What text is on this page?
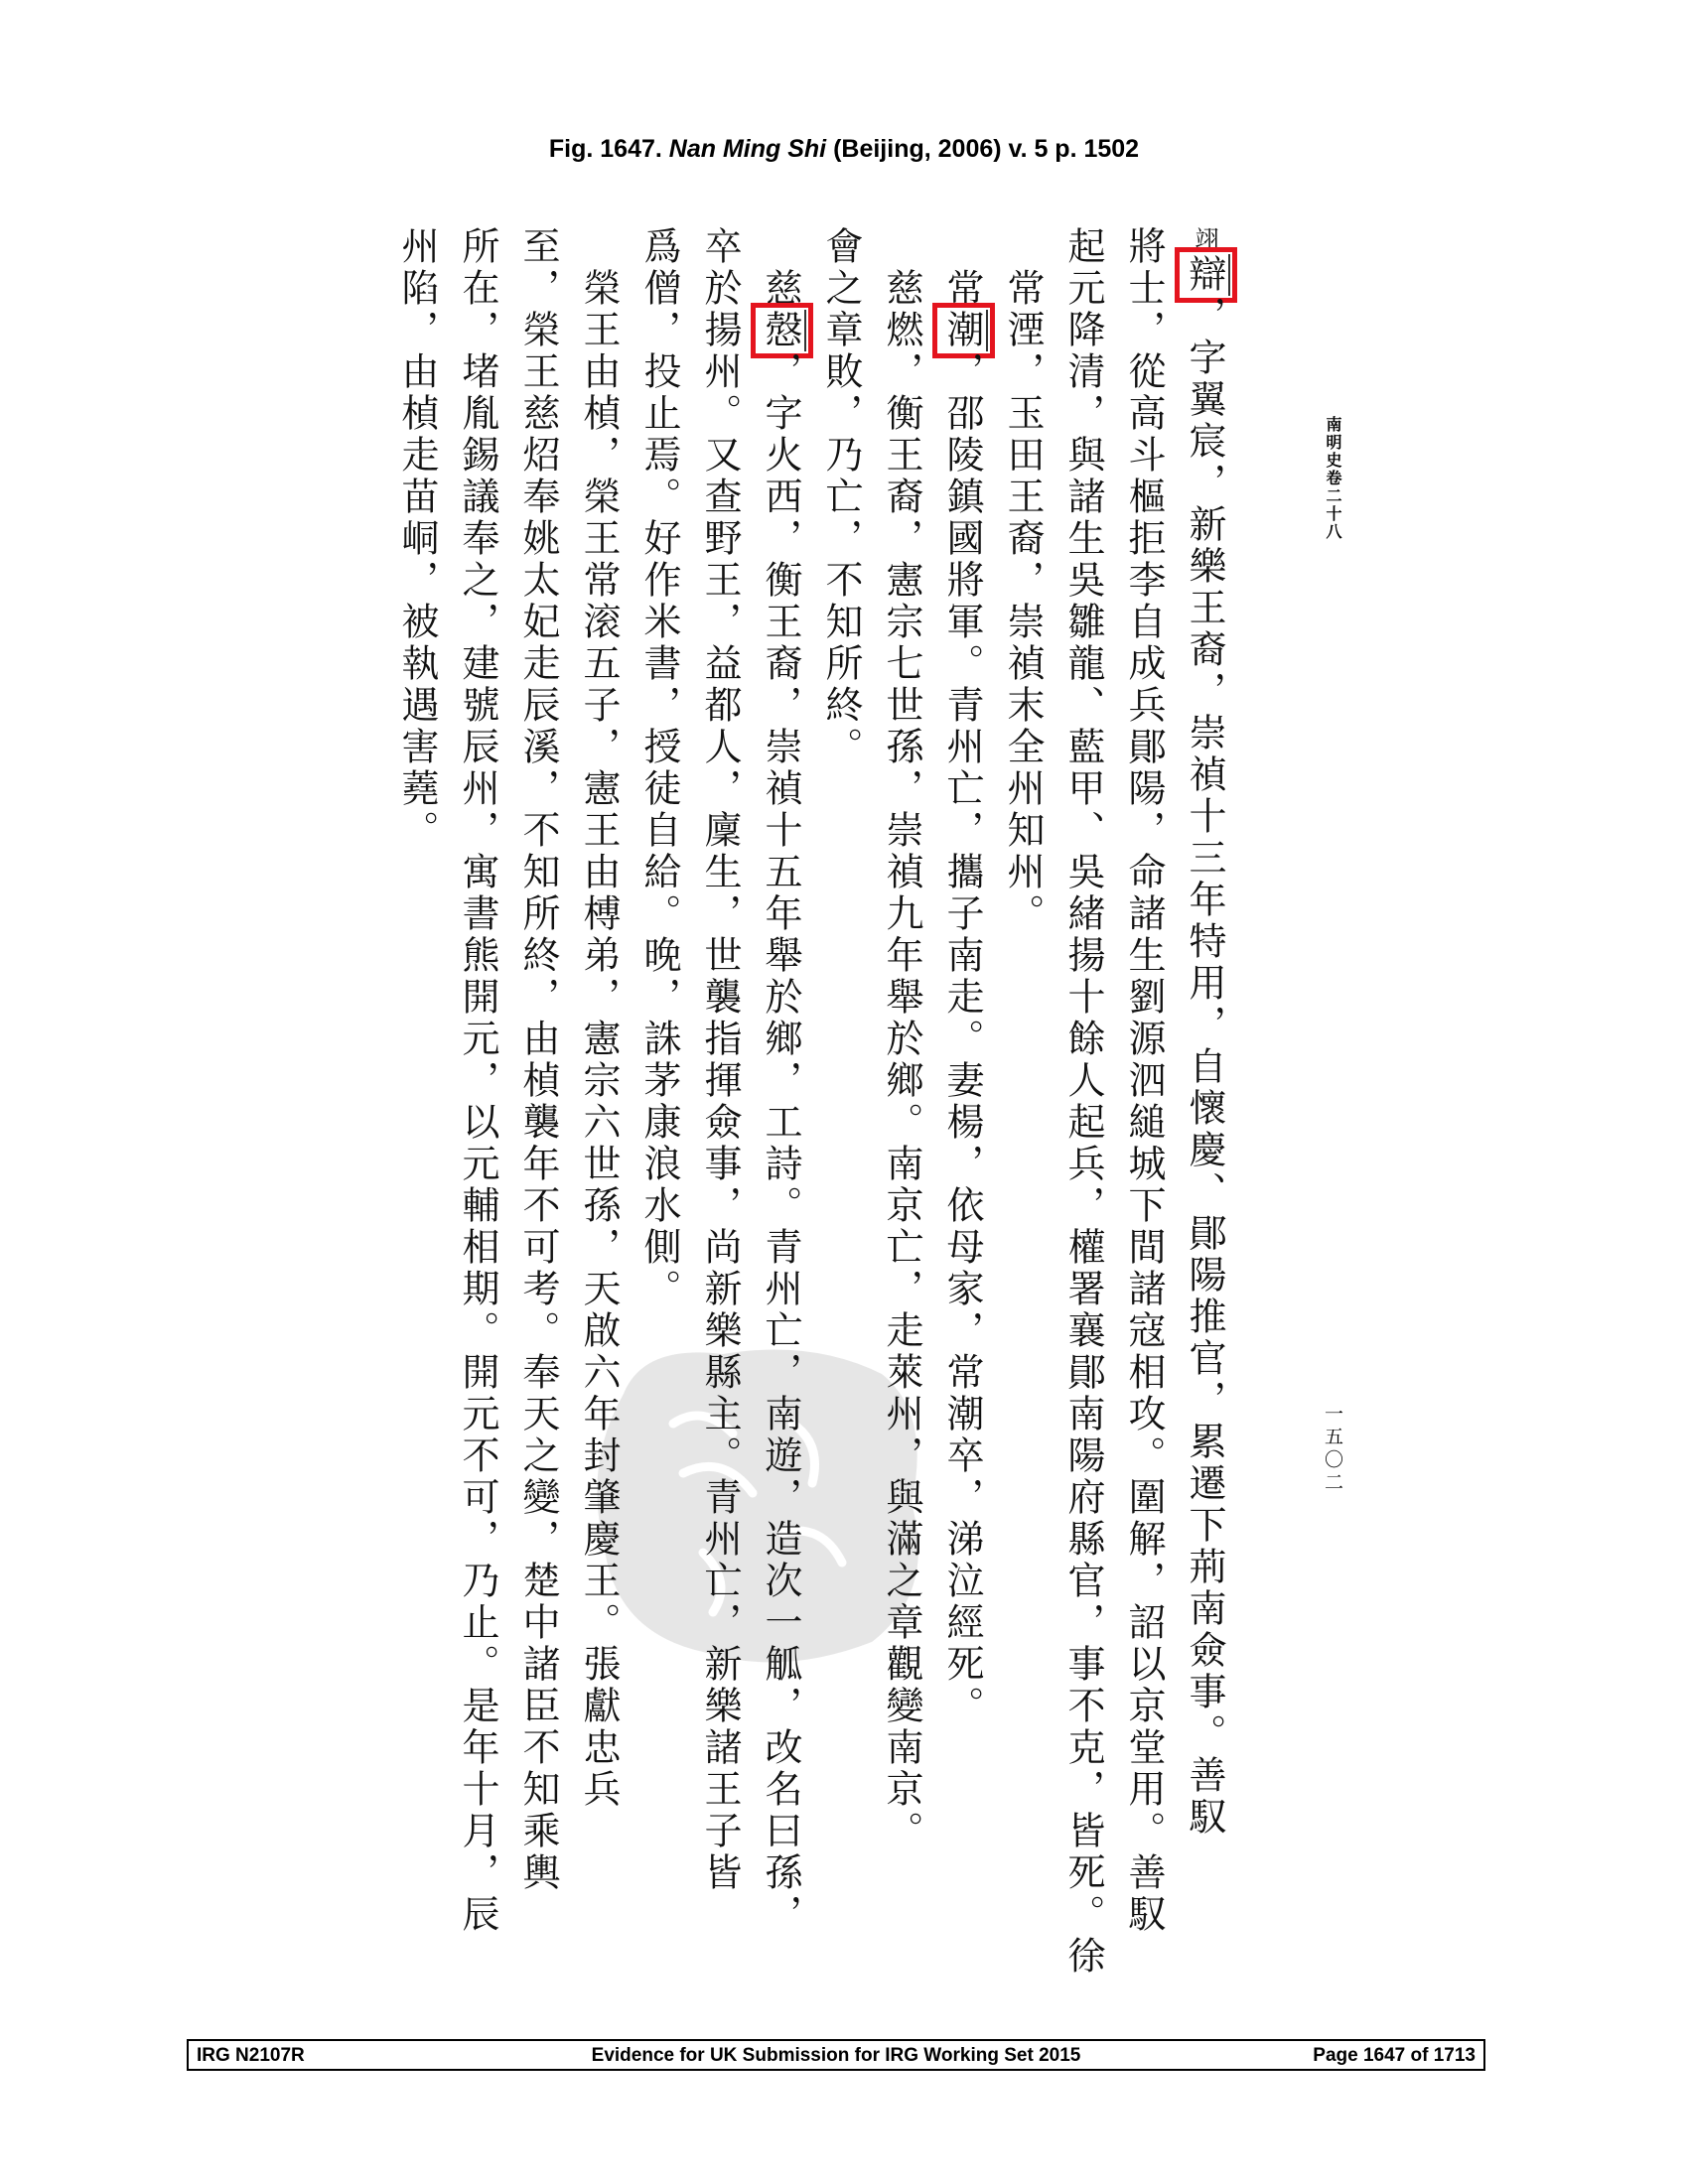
Fig. 1647. Nan Ming Shi (Beijing, 2006) v. 5 p. 1502
南明史卷二十八
一五〇二
翊辯，字翼宸，新樂王裔，崇禎十三年特用，自懷慶、鄖陽推官，累遷下荊南僉事。善馭
將士，從高斗樞拒李自成兵鄖陽，命諸生劉源泗縋城下間諸寇相攻。圍解，詔以京堂用。善馭
起元降清，與諸生吳雛龍、藍甲、吳緒揚十餘人起兵，權署襄鄖南陽府縣官，事不克，皆死。徐
　常湮，玉田王裔，崇禎末全州知州。
　常潮，邵陵鎮國將軍。青州亡，攜子南走。妻楊，依母家，常潮卒，涕泣經死。
　慈燃，衡王裔，憲宗七世孫，崇禎九年舉於鄉。南京亡，走萊州，與滿之章觀變南京。
會之章敗，乃亡，不知所終。
　慈慤，字火西，衡王裔，崇禎十五年舉於鄉，工詩。青州亡，南遊，造次一觚，改名曰孫，
卒於揚州。又查野王，益都人，廩生，世襲指揮僉事，尚新樂縣主。青州亡，新樂諸王子皆
爲僧，投止焉。好作米書，授徒自給。晚，誅茅康浪水側。
　榮王由楨，榮王常滚五子，憲王由榑弟，憲宗六世孫，天啟六年封肇慶王。張獻忠兵
至，榮王慈炤奉姚太妃走辰溪，不知所終，由楨襲年不可考。奉天之變，楚中諸臣不知乘輿
所在，堵胤錫議奉之，建號辰州，寓書熊開元，以元輔相期。開元不可，乃止。是年十月，辰
州陷，由楨走苗峒，被執遇害蕘。
IRG N2107R	Evidence for UK Submission for IRG Working Set 2015	Page 1647 of 1713
